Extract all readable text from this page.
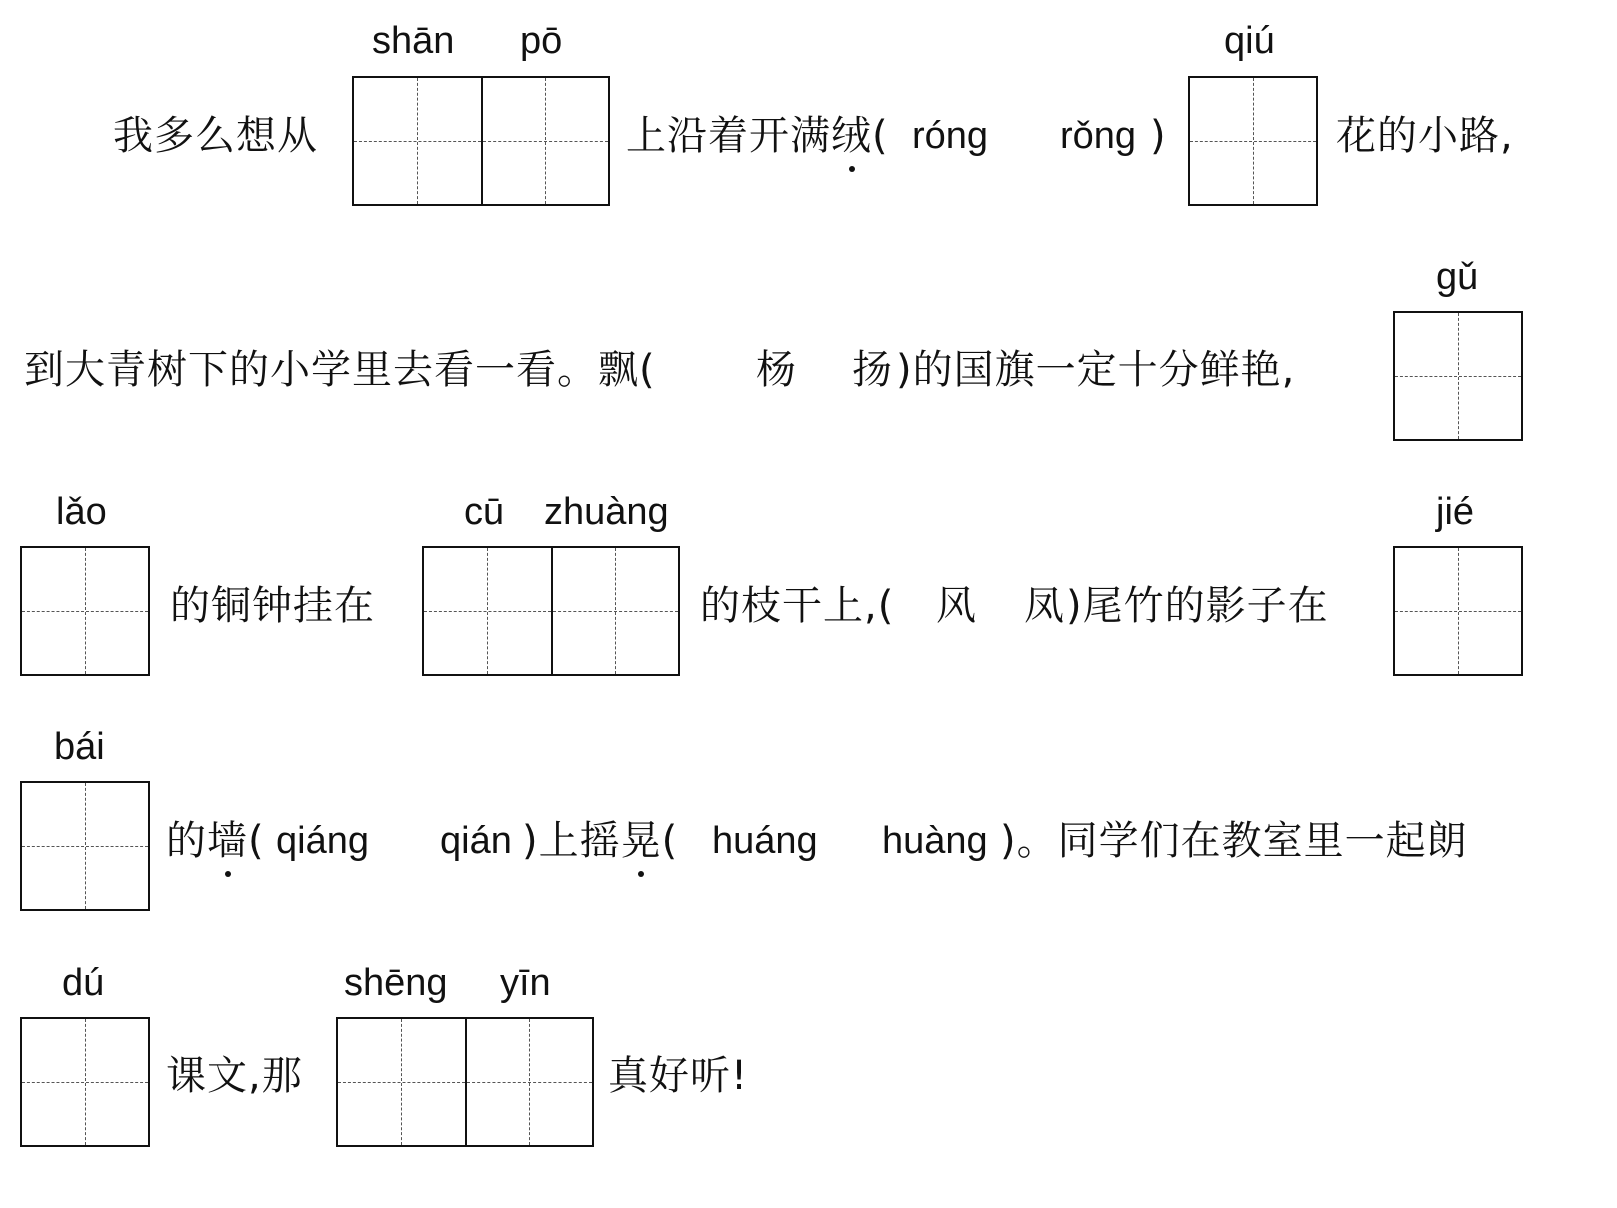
shān pō
我多么想从	上沿着开满绒( róng rǒng )
qiú
花的小路,
到大青树下的小学里去看一看。飘(	杨 扬 )的国旗一定十分鲜艳,
gǔ
lǎo
的铜钟挂在
cū zhuàng
的枝干上,( 风 凤 )尾竹的影子在
jié
bái
的墙( qiáng qián )上摇晃( huáng huàng )。同学们在教室里一起朗
dú
课文,那
shēng yīn
真好听!
